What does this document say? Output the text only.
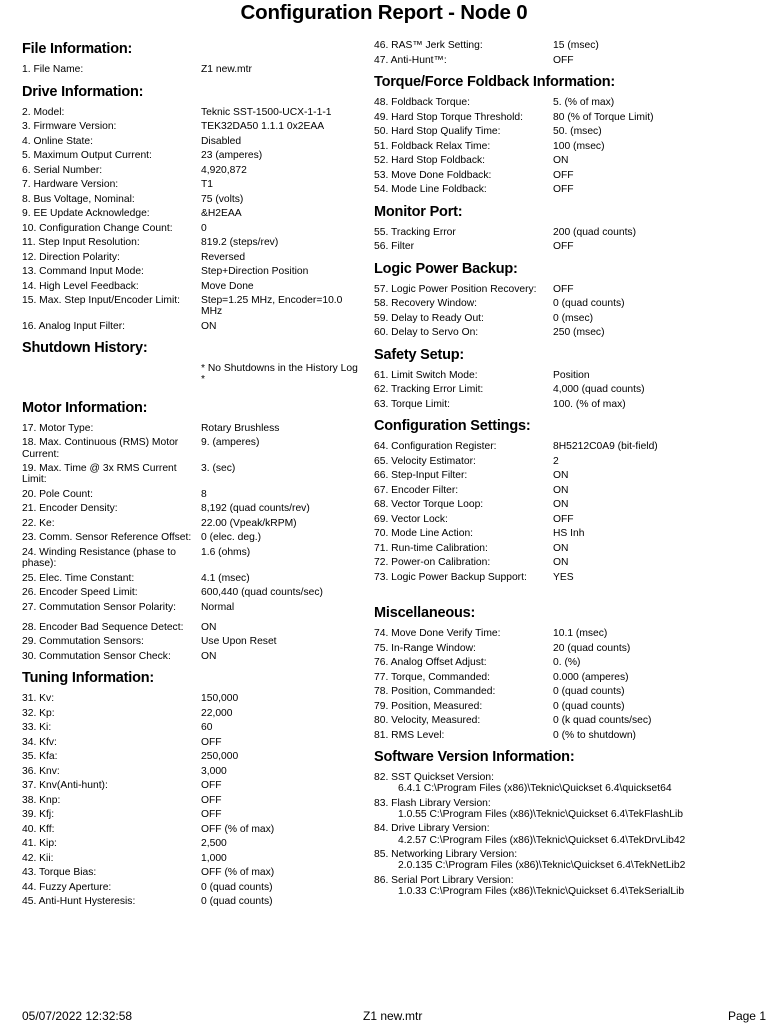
Configuration Report - Node 0
File Information:
1. File Name:	Z1 new.mtr
Drive Information:
2. Model:	Teknic SST-1500-UCX-1-1-1
3. Firmware Version:	TEK32DA50 1.1.1 0x2EAA
4. Online State:	Disabled
5. Maximum Output Current:	23 (amperes)
6. Serial Number:	4,920,872
7. Hardware Version:	T1
8. Bus Voltage, Nominal:	75 (volts)
9. EE Update Acknowledge:	&H2EAA
10. Configuration Change Count:	0
11. Step Input Resolution:	819.2 (steps/rev)
12. Direction Polarity:	Reversed
13. Command Input Mode:	Step+Direction Position
14. High Level Feedback:	Move Done
15. Max. Step Input/Encoder Limit:	Step=1.25 MHz, Encoder=10.0 MHz
16. Analog Input Filter:	ON
Shutdown History:
* No Shutdowns in the History Log *
Motor Information:
17. Motor Type:	Rotary Brushless
18. Max. Continuous (RMS) Motor Current:
9. (amperes)
19. Max. Time @ 3x RMS Current Limit:
3. (sec)
20. Pole Count:	8
21. Encoder Density:	8,192 (quad counts/rev)
22. Ke:	22.00 (Vpeak/kRPM)
23. Comm. Sensor Reference Offset: 0 (elec. deg.)
24. Winding Resistance (phase to phase):
1.6 (ohms)
25. Elec. Time Constant:	4.1 (msec)
26. Encoder Speed Limit:	600,440 (quad counts/sec)
27. Commutation Sensor Polarity:	Normal
28. Encoder Bad Sequence Detect:	ON
29. Commutation Sensors:	Use Upon Reset
30. Commutation Sensor Check:	ON
Tuning Information:
31. Kv:	150,000
32. Kp:	22,000
33. Ki:	60
34. Kfv:	OFF
35. Kfa:	250,000
36. Knv:	3,000
37. Knv(Anti-hunt):	OFF
38. Knp:	OFF
39. Kfj:	OFF
40. Kff:	OFF (% of max)
41. Kip:	2,500
42. Kii:	1,000
43. Torque Bias:	OFF (% of max)
44. Fuzzy Aperture:	0 (quad counts)
45. Anti-Hunt Hysteresis:	0 (quad counts)
46. RAS™ Jerk Setting:	15 (msec)
47. Anti-Hunt™:	OFF
Torque/Force Foldback Information:
48. Foldback Torque:	5. (% of max)
49. Hard Stop Torque Threshold:	80 (% of Torque Limit)
50. Hard Stop Qualify Time:	50. (msec)
51. Foldback Relax Time:	100 (msec)
52. Hard Stop Foldback:	ON
53. Move Done Foldback:	OFF
54. Mode Line Foldback:	OFF
Monitor Port:
55. Tracking Error	200 (quad counts)
56. Filter	OFF
Logic Power Backup:
57. Logic Power Position Recovery:	OFF
58. Recovery Window:	0 (quad counts)
59. Delay to Ready Out:	0 (msec)
60. Delay to Servo On:	250 (msec)
Safety Setup:
61. Limit Switch Mode:	Position
62. Tracking Error Limit:	4,000 (quad counts)
63. Torque Limit:	100. (% of max)
Configuration Settings:
64. Configuration Register:	8H5212C0A9 (bit-field)
65. Velocity Estimator:	2
66. Step-Input Filter:	ON
67. Encoder Filter:	ON
68. Vector Torque Loop:	ON
69. Vector Lock:	OFF
70. Mode Line Action:	HS Inh
71. Run-time Calibration:	ON
72. Power-on Calibration:	ON
73. Logic Power Backup Support:	YES
Miscellaneous:
74. Move Done Verify Time:	10.1 (msec)
75. In-Range Window:	20 (quad counts)
76. Analog Offset Adjust:	0. (%)
77. Torque, Commanded:	0.000 (amperes)
78. Position, Commanded:	0 (quad counts)
79. Position, Measured:	0 (quad counts)
80. Velocity, Measured:	0 (k quad counts/sec)
81. RMS Level:	0 (% to shutdown)
Software Version Information:
82. SST Quickset Version:
6.4.1 C:\Program Files (x86)\Teknic\Quickset 6.4\quickset64
83. Flash Library Version:
1.0.55 C:\Program Files (x86)\Teknic\Quickset 6.4\TekFlashLib
84. Drive Library Version:
4.2.57 C:\Program Files (x86)\Teknic\Quickset 6.4\TekDrvLib42
85. Networking Library Version:
2.0.135 C:\Program Files (x86)\Teknic\Quickset 6.4\TekNetLib2
86. Serial Port Library Version:
1.0.33 C:\Program Files (x86)\Teknic\Quickset 6.4\TekSerialLib
05/07/2022 12:32:58	Z1 new.mtr	Page 1
